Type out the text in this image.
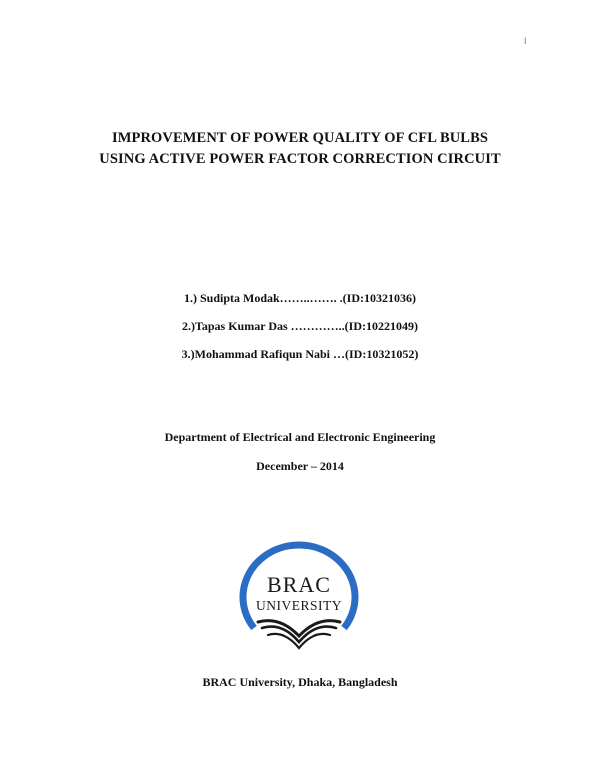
I
IMPROVEMENT OF POWER QUALITY OF CFL BULBS
USING ACTIVE POWER FACTOR CORRECTION CIRCUIT
1.) Sudipta Modak……..……. .(ID:10321036)
2.)Tapas Kumar Das …………..(ID:10221049)
3.)Mohammad Rafiqun Nabi …(ID:10321052)
Department of Electrical and Electronic Engineering
December – 2014
BRAC
UNIVERSITY
BRAC University, Dhaka, Bangladesh
